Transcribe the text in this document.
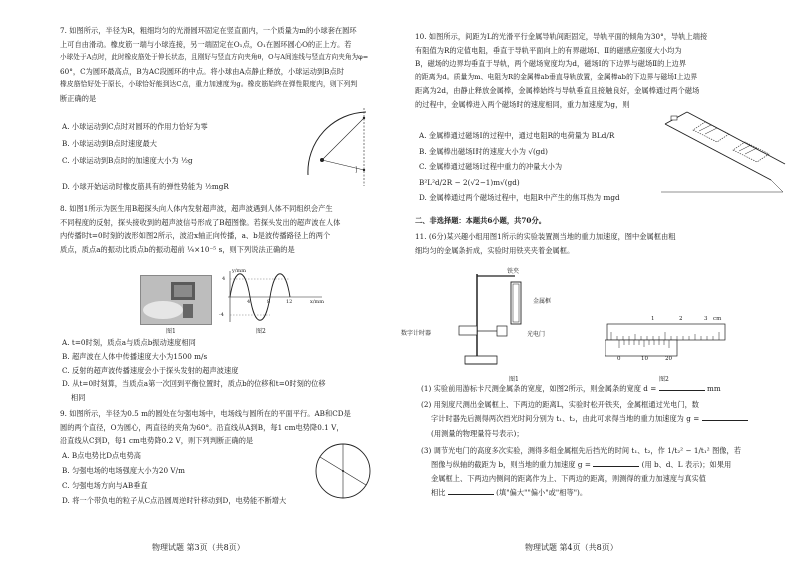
7. 如图所示，半径为R，粗细均匀的光滑圆环固定在竖直面内，一个质量为m的小球套在圆环

上可自由滑动。橡皮筋一端与小球连接，另一端固定在O₁点，O₁在圆环圆心O的正上方。若

小球处于A点时，此时橡皮筋处于伸长状态，且刚好与竖直方向夹角θ，O与A间连线与竖直方向夹角为φ=

60°，C为圆环最高点，B为AC段圆环的中点。将小球由A点静止释放，小球运动到B点时

橡皮筋恰好处于原长，小球恰好能到达C点，重力加速度为g。橡皮筋始终在弹性限度内，则下列判

断正确的是

A. 小球运动到C点时对圆环的作用力恰好为零

B. 小球运动到B点时速度最大

C. 小球运动到B点时的加速度大小为 ½g

D. 小球开始运动时橡皮筋具有的弹性势能为 ½mgR

8. 如图1所示为医生用B超探头向人体内发射超声波，超声波遇到人体不同组织会产生

不同程度的反射，探头接收到的超声波信号形成了B超图像。若探头发出的超声波在人体

内传播时t=0时刻的波形如图2所示，波沿x轴正向传播，a、b是波传播路径上的两个

质点，质点a的振动比质点b的振动超前 ¼×10⁻⁵ s，则下列说法正确的是

图1
y/mm
x/mm
4
-4
4	8	12
图2

A. t=0时刻，质点a与质点b振动速度相同

B. 超声波在人体中传播速度大小为1500 m/s

C. 反射的超声波传播速度会小于探头发射的超声波速度

D. 从t=0时刻算，当质点a第一次回到平衡位置时，质点b的位移和t=0时刻的位移

相同

9. 如图所示，半径为0.5 m的圆处在匀强电场中，电场线与圆所在的平面平行。AB和CD是

圆的两个直径，O为圆心，两直径的夹角为60°。沿直线从A到B，每1 cm电势降0.1 V，

沿直线从C到D，每1 cm电势降0.2 V，则下列判断正确的是

A. B点电势比D点电势高

B. 匀强电场的电场强度大小为20 V/m

C. 匀强电场方向与AB垂直

D. 将一个带负电的粒子从C点沿圆周逆时针移动到D，电势能不断增大

物理试题 第3页（共8页）

10. 如图所示，间距为L的光滑平行金属导轨间距固定，导轨平面的倾角为30°，导轨上端接

有阻值为R的定值电阻，垂直于导轨平面向上的有界磁场Ⅰ、Ⅱ的磁感应强度大小均为

B，磁场的边界均垂直于导轨，两个磁场宽度均为d，磁场Ⅰ的下边界与磁场Ⅱ的上边界

的距离为d。质量为m、电阻为R的金属棒ab垂直导轨放置，金属棒ab的下边界与磁场Ⅰ上边界

距离为2d，由静止释放金属棒，金属棒始终与导轨垂直且接触良好，金属棒通过两个磁场

的过程中，金属棒进入两个磁场时的速度相同，重力加速度为g，则

A. 金属棒通过磁场Ⅰ的过程中，通过电阻R的电荷量为 BLd/R

B. 金属棒出磁场Ⅰ时的速度大小为 √(gd)

C. 金属棒通过磁场Ⅰ过程中重力的冲量大小为

B²L²d/2R − 2(√2−1)m√(gd)

D. 金属棒通过两个磁场过程中，电阻R中产生的焦耳热为 mgd

二、非选择题：本题共6小题，共70分。

11. (6分)某兴趣小组用图1所示的实验装置测当地的重力加速度，图中金属框由粗

细均匀的金属条折成，实验时用铁夹夹着金属框。

铁夹
金属框
数字计时器	光电门
图1
1	2	3 cm
0	10	20
图2

(1) 实验前用游标卡尺测金属条的宽度，如图2所示，则金属条的宽度 d =	mm

(2) 用刻度尺测出金属框上、下两边的距离L，实验时松开铁夹，金属框通过光电门，数

字计时器先后测得两次挡光时间分别为 t₁、t₂，由此可求得当地的重力加速度为 g =

(用测量的物理量符号表示)；

(3) 调节光电门的高度多次实验，测得多组金属框先后挡光的时间 t₁、t₂，作 1/t₂² − 1/t₁² 图像，若

图像与纵轴的截距为 b，则当地的重力加速度 g =	(用 b、d、L 表示)；如果用

金属框上、下两边内侧间的距离作为上、下两边的距离，则测得的重力加速度与真实值

相比	(填"偏大""偏小"或"相等")。

物理试题 第4页（共8页）
